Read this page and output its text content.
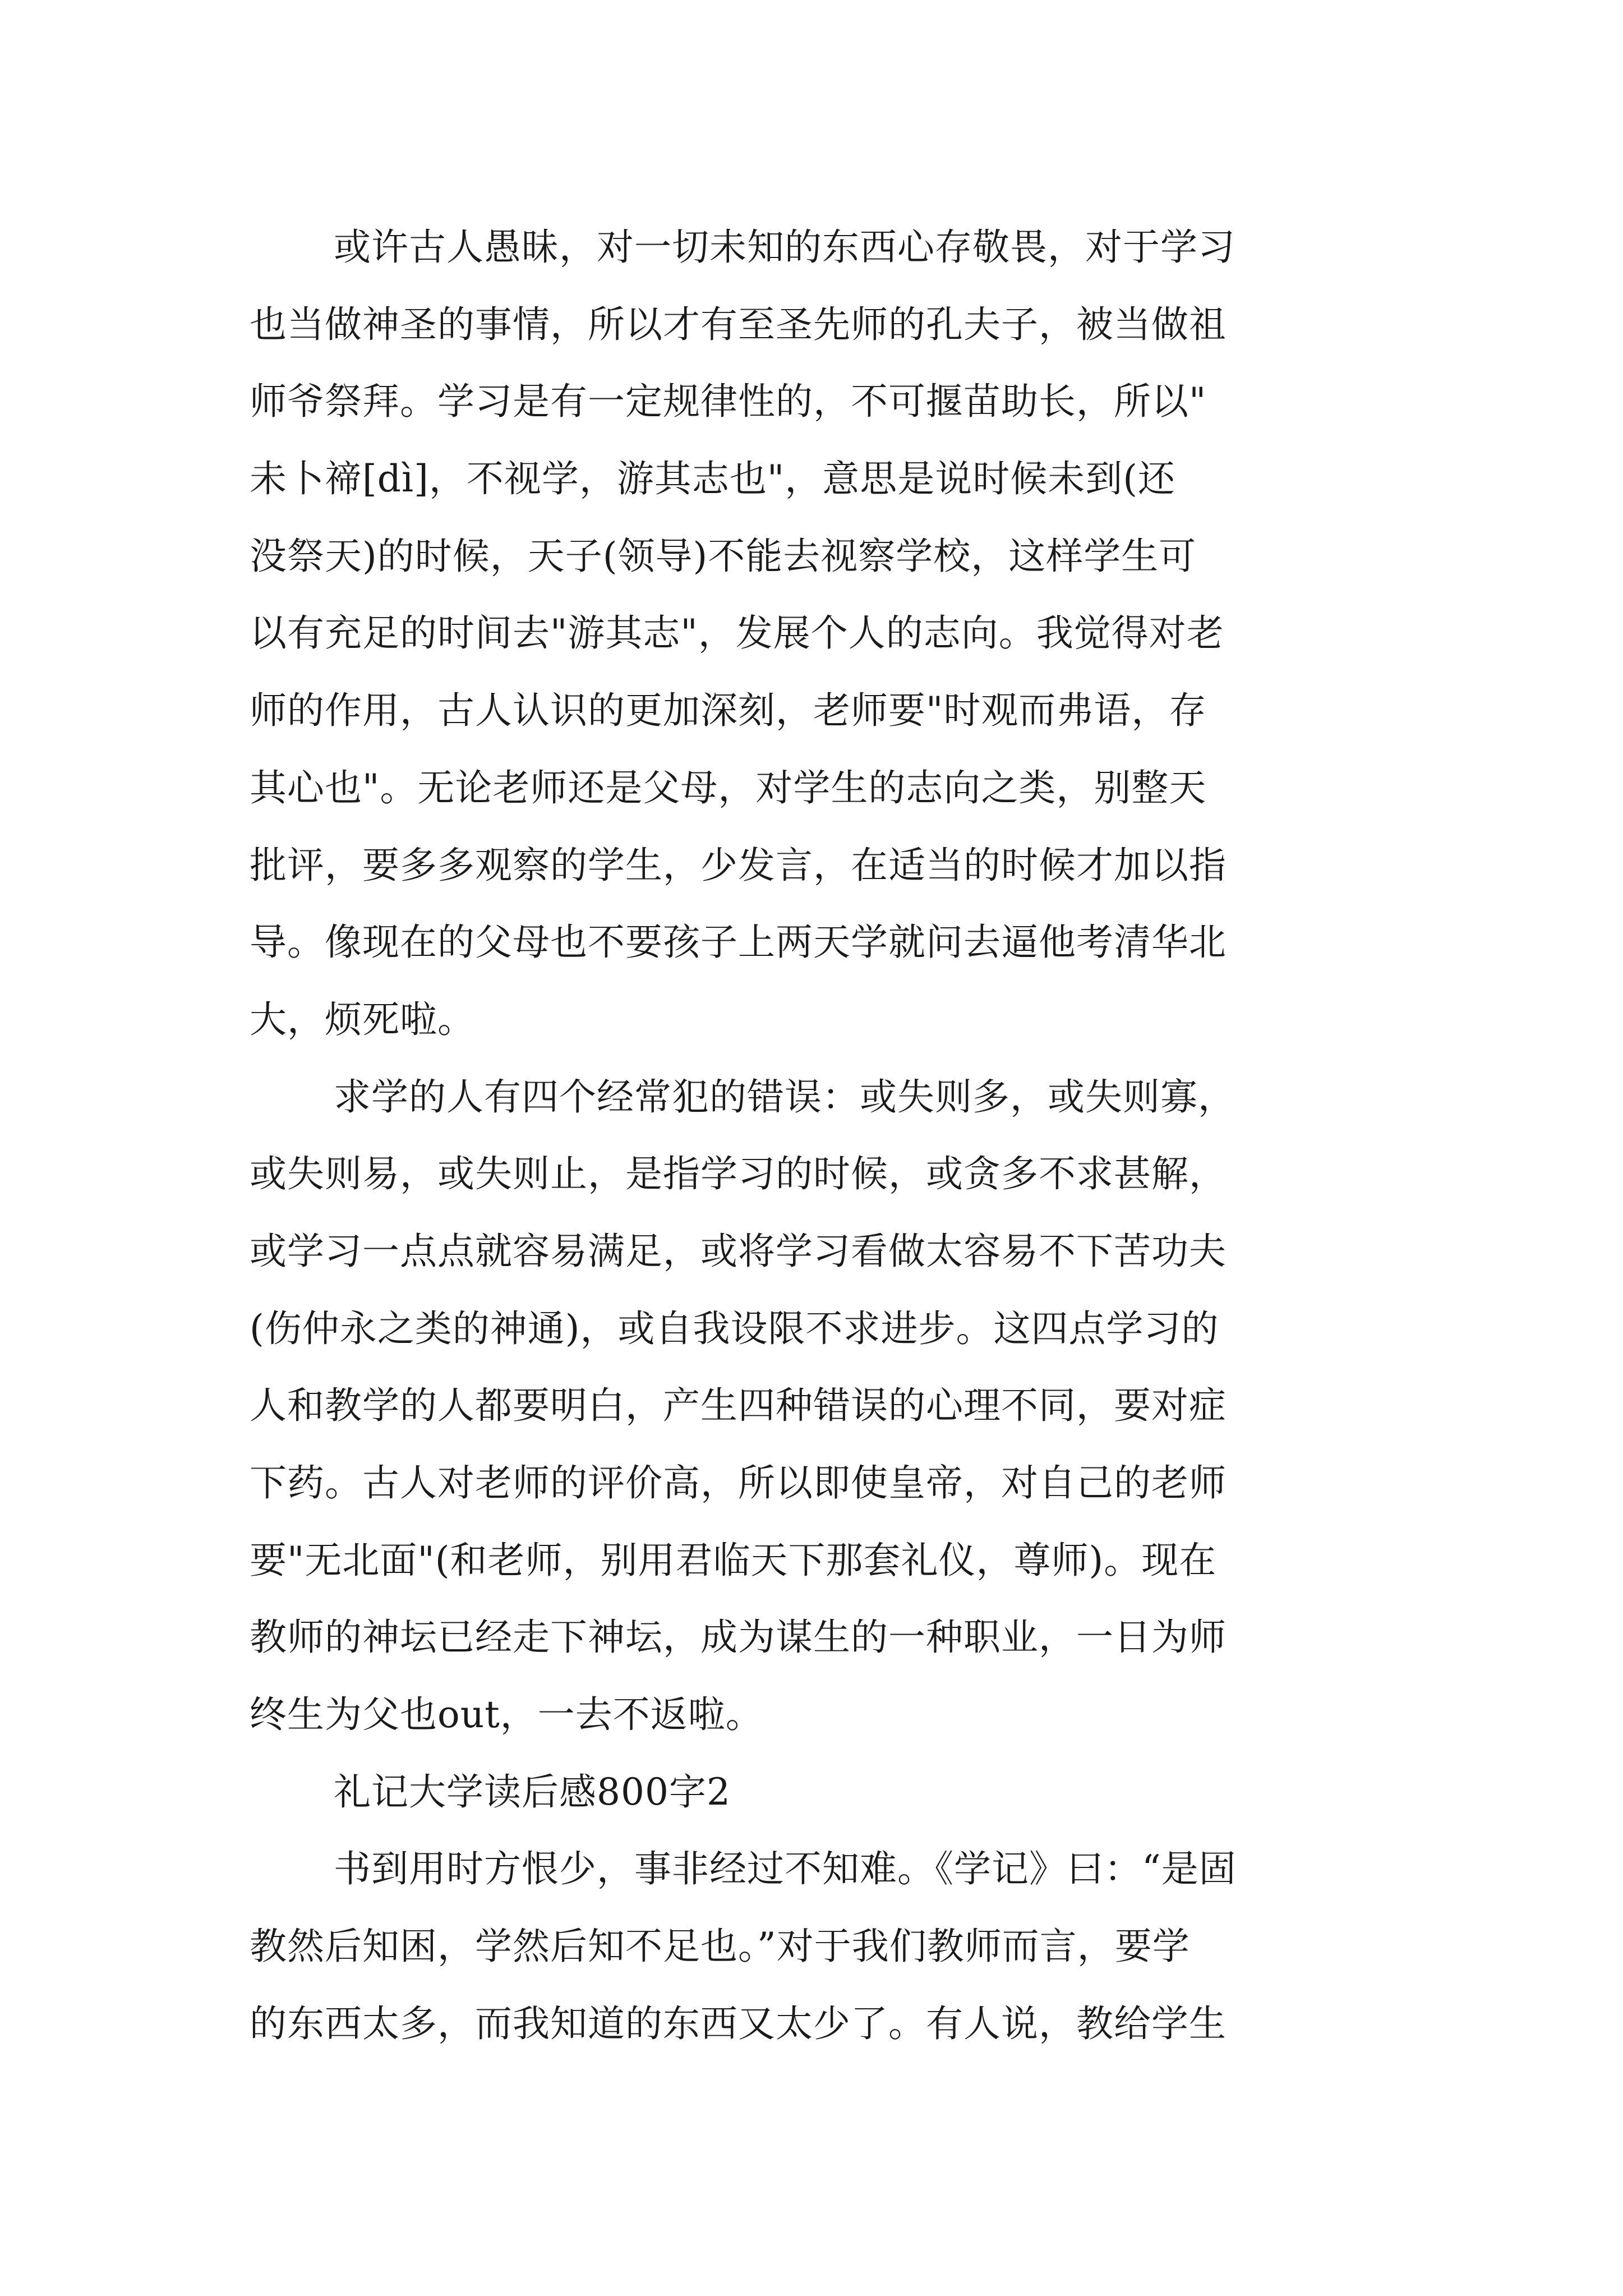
或许古人愚昧，对一切未知的东西心存敬畏，对于学习
也当做神圣的事情，所以才有至圣先师的孔夫子，被当做祖
师爷祭拜。学习是有一定规律性的，不可揠苗助长，所以"
未卜禘[dì]，不视学，游其志也"，意思是说时候未到(还
没祭天)的时候，天子(领导)不能去视察学校，这样学生可
以有充足的时间去"游其志"，发展个人的志向。我觉得对老
师的作用，古人认识的更加深刻，老师要"时观而弗语，存
其心也"。无论老师还是父母，对学生的志向之类，别整天
批评，要多多观察的学生，少发言，在适当的时候才加以指
导。像现在的父母也不要孩子上两天学就问去逼他考清华北
大，烦死啦。
求学的人有四个经常犯的错误：或失则多，或失则寡，
或失则易，或失则止，是指学习的时候，或贪多不求甚解，
或学习一点点就容易满足，或将学习看做太容易不下苦功夫
(伤仲永之类的神通)，或自我设限不求进步。这四点学习的
人和教学的人都要明白，产生四种错误的心理不同，要对症
下药。古人对老师的评价高，所以即使皇帝，对自己的老师
要"无北面"(和老师，别用君临天下那套礼仪，尊师)。现在
教师的神坛已经走下神坛，成为谋生的一种职业，一日为师
终生为父也out，一去不返啦。
礼记大学读后感800字2
书到用时方恨少，事非经过不知难。《学记》曰：“是固
教然后知困，学然后知不足也。”对于我们教师而言，要学
的东西太多，而我知道的东西又太少了。有人说，教给学生
